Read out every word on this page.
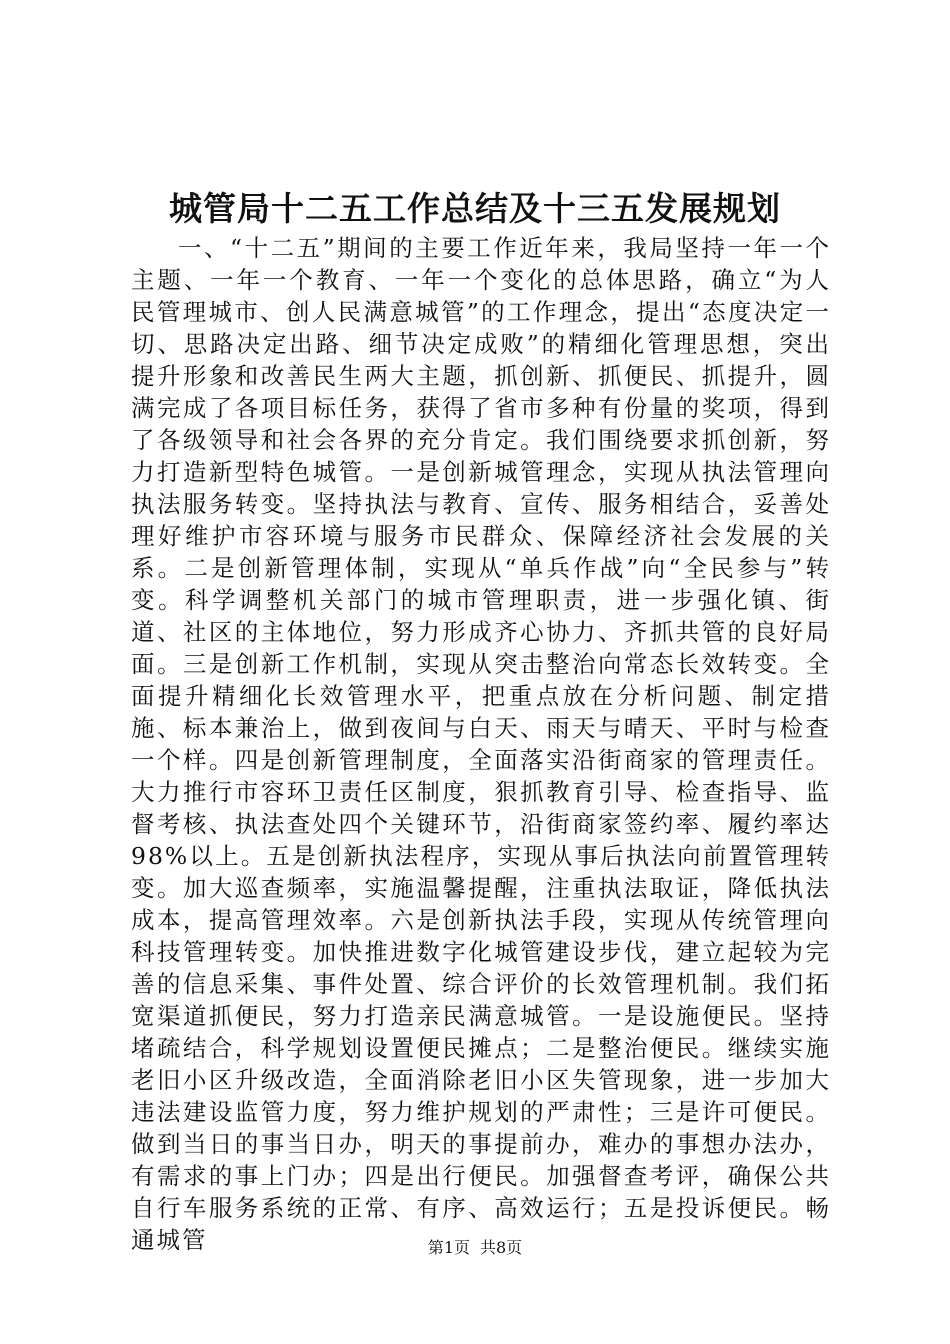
城管局十二五工作总结及十三五发展规划

一、“十二五”期间的主要工作近年来，我局坚持一年一个主题、一年一个教育、一年一个变化的总体思路，确立“为人民管理城市、创人民满意城管”的工作理念，提出“态度决定一切、思路决定出路、细节决定成败”的精细化管理思想，突出提升形象和改善民生两大主题，抓创新、抓便民、抓提升，圆满完成了各项目标任务，获得了省市多种有份量的奖项，得到了各级领导和社会各界的充分肯定。我们围绕要求抓创新，努力打造新型特色城管。一是创新城管理念，实现从执法管理向执法服务转变。坚持执法与教育、宣传、服务相结合，妥善处理好维护市容环境与服务市民群众、保障经济社会发展的关系。二是创新管理体制，实现从“单兵作战”向“全民参与”转变。科学调整机关部门的城市管理职责，进一步强化镇、街道、社区的主体地位，努力形成齐心协力、齐抓共管的良好局面。三是创新工作机制，实现从突击整治向常态长效转变。全面提升精细化长效管理水平，把重点放在分析问题、制定措施、标本兼治上，做到夜间与白天、雨天与晴天、平时与检查一个样。四是创新管理制度，全面落实沿街商家的管理责任。大力推行市容环卫责任区制度，狠抓教育引导、检查指导、监督考核、执法查处四个关键环节，沿街商家签约率、履约率达98%以上。五是创新执法程序，实现从事后执法向前置管理转变。加大巡查频率，实施温馨提醒，注重执法取证，降低执法成本，提高管理效率。六是创新执法手段，实现从传统管理向科技管理转变。加快推进数字化城管建设步伐，建立起较为完善的信息采集、事件处置、综合评价的长效管理机制。我们拓宽渠道抓便民，努力打造亲民满意城管。一是设施便民。坚持堵疏结合，科学规划设置便民摊点；二是整治便民。继续实施老旧小区升级改造，全面消除老旧小区失管现象，进一步加大违法建设监管力度，努力维护规划的严肃性；三是许可便民。做到当日的事当日办，明天的事提前办，难办的事想办法办，有需求的事上门办；四是出行便民。加强督查考评，确保公共自行车服务系统的正常、有序、高效运行；五是投诉便民。畅通城管	第1页 共8页
